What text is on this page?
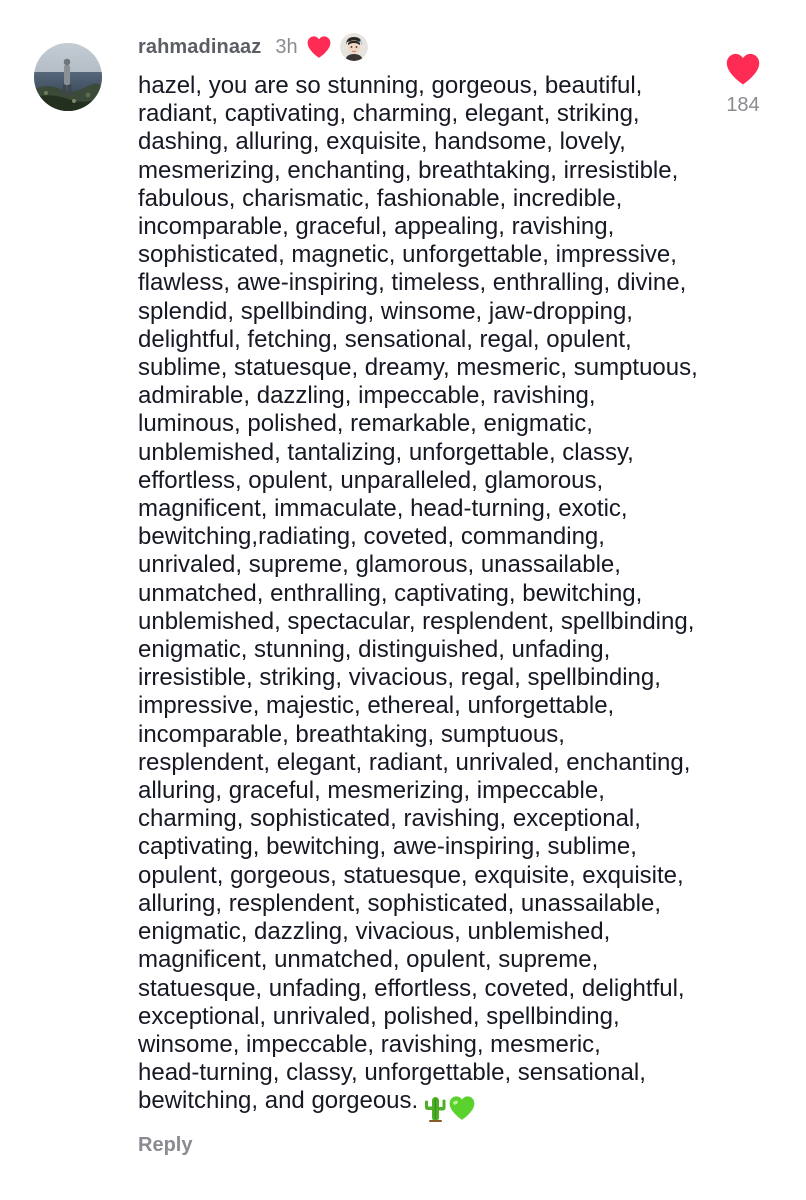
rahmadinaaz 3h

hazel, you are so stunning, gorgeous, beautiful,
radiant, captivating, charming, elegant, striking,
dashing, alluring, exquisite, handsome, lovely,
mesmerizing, enchanting, breathtaking, irresistible,
fabulous, charismatic, fashionable, incredible,
incomparable, graceful, appealing, ravishing,
sophisticated, magnetic, unforgettable, impressive,
flawless, awe-inspiring, timeless, enthralling, divine,
splendid, spellbinding, winsome, jaw-dropping,
delightful, fetching, sensational, regal, opulent,
sublime, statuesque, dreamy, mesmeric, sumptuous,
admirable, dazzling, impeccable, ravishing,
luminous, polished, remarkable, enigmatic,
unblemished, tantalizing, unforgettable, classy,
effortless, opulent, unparalleled, glamorous,
magnificent, immaculate, head-turning, exotic,
bewitching,radiating, coveted, commanding,
unrivaled, supreme, glamorous, unassailable,
unmatched, enthralling, captivating, bewitching,
unblemished, spectacular, resplendent, spellbinding,
enigmatic, stunning, distinguished, unfading,
irresistible, striking, vivacious, regal, spellbinding,
impressive, majestic, ethereal, unforgettable,
incomparable, breathtaking, sumptuous,
resplendent, elegant, radiant, unrivaled, enchanting,
alluring, graceful, mesmerizing, impeccable,
charming, sophisticated, ravishing, exceptional,
captivating, bewitching, awe-inspiring, sublime,
opulent, gorgeous, statuesque, exquisite, exquisite,
alluring, resplendent, sophisticated, unassailable,
enigmatic, dazzling, vivacious, unblemished,
magnificent, unmatched, opulent, supreme,
statuesque, unfading, effortless, coveted, delightful,
exceptional, unrivaled, polished, spellbinding,
winsome, impeccable, ravishing, mesmeric,
head-turning, classy, unforgettable, sensational,
bewitching, and gorgeous.

Reply
184
